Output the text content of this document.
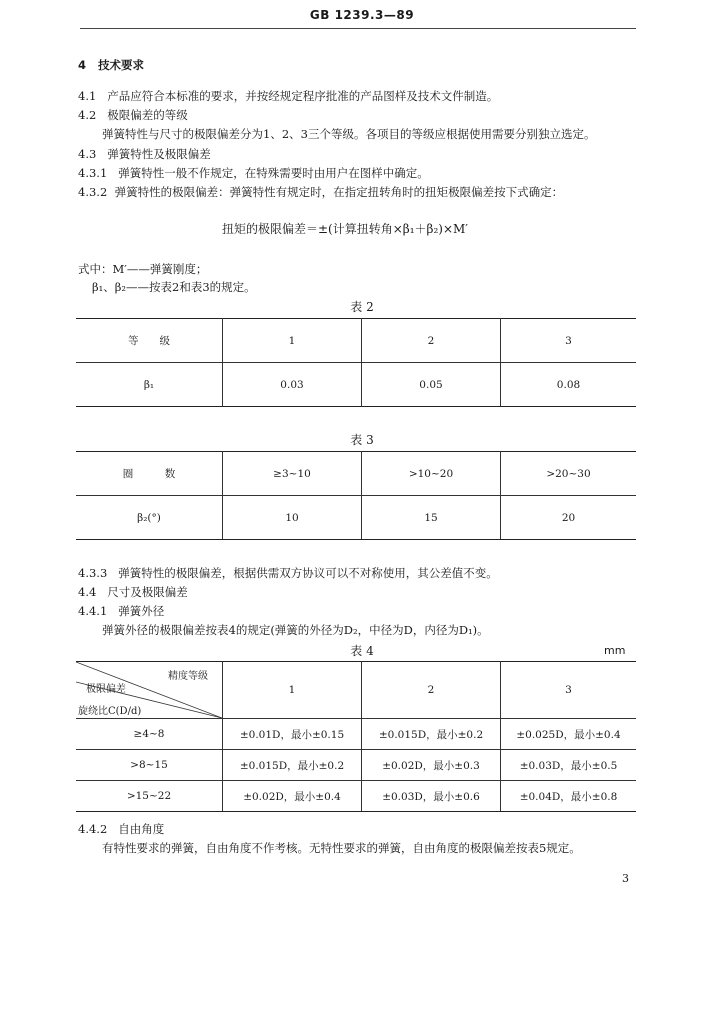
GB 1239.3—89
4 技术要求
4.1 产品应符合本标准的要求，并按经规定程序批准的产品图样及技术文件制造。
4.2 极限偏差的等级
弹簧特性与尺寸的极限偏差分为1、2、3三个等级。各项目的等级应根据使用需要分别独立选定。
4.3 弹簧特性及极限偏差
4.3.1 弹簧特性一般不作规定，在特殊需要时由用户在图样中确定。
4.3.2 弹簧特性的极限偏差：弹簧特性有规定时，在指定扭转角时的扭矩极限偏差按下式确定：
扭矩的极限偏差＝±(计算扭转角×β₁＋β₂)×M′
式中：M′——弹簧刚度；
β₁、β₂——按表2和表3的规定。
表 2
等　　级	1	2	3
β₁	0.03	0.05	0.08
表 3
圈　　　数	≥3~10	>10~20	>20~30
β₂(°)	10	15	20
4.3.3 弹簧特性的极限偏差，根据供需双方协议可以不对称使用，其公差值不变。
4.4 尺寸及极限偏差
4.4.1 弹簧外径
弹簧外径的极限偏差按表4的规定(弹簧的外径为D₂，中径为D，内径为D₁)。
表 4	mm
精度等级
极限偏差
旋绕比C(D/d)	1	2	3
≥4~8	±0.01D，最小±0.15	±0.015D，最小±0.2	±0.025D，最小±0.4
>8~15	±0.015D，最小±0.2	±0.02D，最小±0.3	±0.03D，最小±0.5
>15~22	±0.02D，最小±0.4	±0.03D，最小±0.6	±0.04D，最小±0.8
4.4.2 自由角度
有特性要求的弹簧，自由角度不作考核。无特性要求的弹簧，自由角度的极限偏差按表5规定。
3
